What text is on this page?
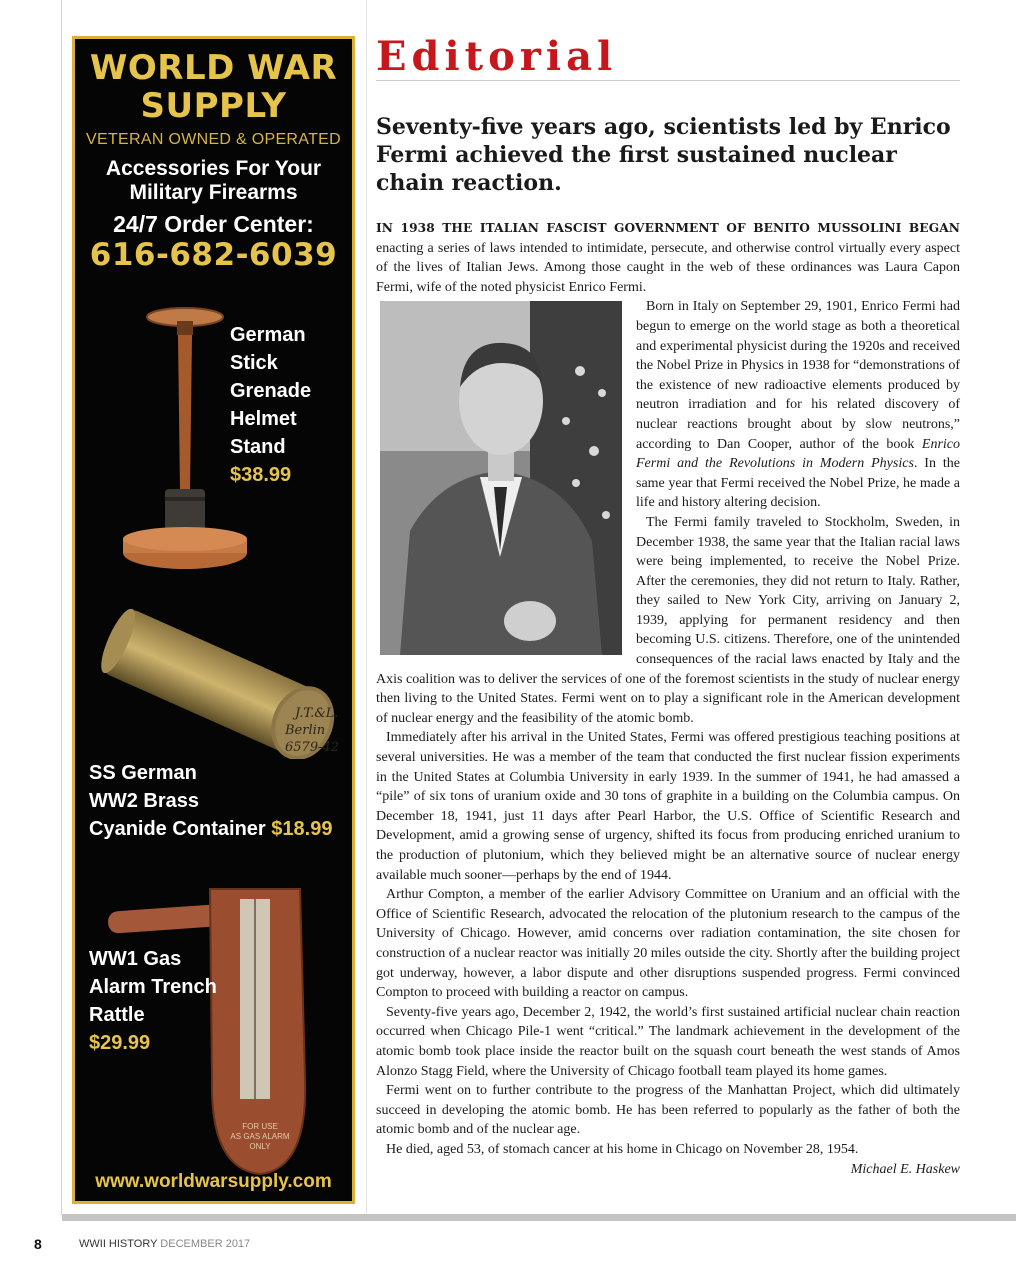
WORLD WAR
SUPPLY
VETERAN OWNED & OPERATED
Accessories For Your
Military Firearms
24/7 Order Center:
616-682-6039
German
Stick
Grenade
Helmet
Stand
$38.99
J.T.&L.
Berlin
6579-42
SS German
WW2 Brass
Cyanide Container $18.99
FOR USE
AS GAS ALARM
ONLY
WW1 Gas
Alarm Trench
Rattle
$29.99
www.worldwarsupply.com
Editorial
Seventy-five years ago, scientists led by Enrico Fermi achieved the first sustained nuclear chain reaction.

IN 1938 THE ITALIAN FASCIST GOVERNMENT OF BENITO MUSSOLINI BEGAN enacting a series of laws intended to intimidate, persecute, and otherwise control virtually every aspect of the lives of Italian Jews. Among those caught in the web of these ordinances was Laura Capon Fermi, wife of the noted physicist Enrico Fermi.

Born in Italy on September 29, 1901, Enrico Fermi had begun to emerge on the world stage as both a theoretical and experimental physicist during the 1920s and received the Nobel Prize in Physics in 1938 for “demonstrations of the existence of new radioactive elements produced by neutron irradiation and for his related discovery of nuclear reactions brought about by slow neutrons,” according to Dan Cooper, author of the book Enrico Fermi and the Revolutions in Modern Physics. In the same year that Fermi received the Nobel Prize, he made a life and history altering decision.

The Fermi family traveled to Stockholm, Sweden, in December 1938, the same year that the Italian racial laws were being implemented, to receive the Nobel Prize. After the ceremonies, they did not return to Italy. Rather, they sailed to New York City, arriving on January 2, 1939, applying for permanent residency and then becoming U.S. citizens. Therefore, one of the unintended consequences of the racial laws enacted by Italy and the Axis coalition was to deliver the services of one of the foremost scientists in the study of nuclear energy then living to the United States. Fermi went on to play a significant role in the American development of nuclear energy and the feasibility of the atomic bomb.

Immediately after his arrival in the United States, Fermi was offered prestigious teaching positions at several universities. He was a member of the team that conducted the first nuclear fission experiments in the United States at Columbia University in early 1939. In the summer of 1941, he had amassed a “pile” of six tons of uranium oxide and 30 tons of graphite in a building on the Columbia campus. On December 18, 1941, just 11 days after Pearl Harbor, the U.S. Office of Scientific Research and Development, amid a growing sense of urgency, shifted its focus from producing enriched uranium to the production of plutonium, which they believed might be an alternative source of nuclear energy available much sooner—perhaps by the end of 1944.

Arthur Compton, a member of the earlier Advisory Committee on Uranium and an official with the Office of Scientific Research, advocated the relocation of the plutonium research to the campus of the University of Chicago. However, amid concerns over radiation contamination, the site chosen for construction of a nuclear reactor was initially 20 miles outside the city. Shortly after the building project got underway, however, a labor dispute and other disruptions suspended progress. Fermi convinced Compton to proceed with building a reactor on campus.

Seventy-five years ago, December 2, 1942, the world’s first sustained artificial nuclear chain reaction occurred when Chicago Pile-1 went “critical.” The landmark achievement in the development of the atomic bomb took place inside the reactor built on the squash court beneath the west stands of Amos Alonzo Stagg Field, where the University of Chicago football team played its home games.

Fermi went on to further contribute to the progress of the Manhattan Project, which did ultimately succeed in developing the atomic bomb. He has been referred to popularly as the father of both the atomic bomb and of the nuclear age.

He died, aged 53, of stomach cancer at his home in Chicago on November 28, 1954.

Michael E. Haskew
8	WWII HISTORY DECEMBER 2017
